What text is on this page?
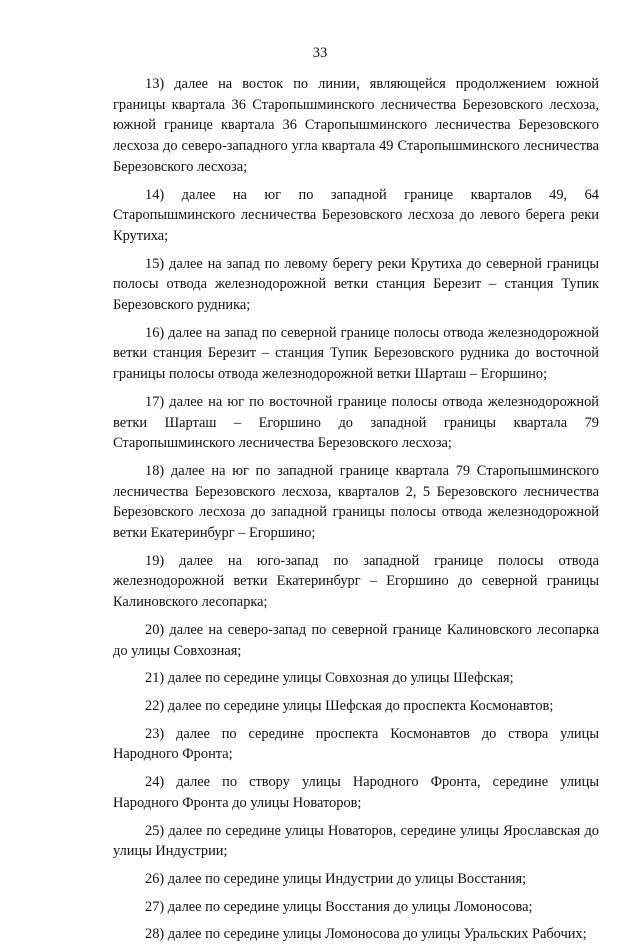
33

13) далее на восток по линии, являющейся продолжением южной границы квартала 36 Старопышминского лесничества Березовского лесхоза, южной границе квартала 36 Старопышминского лесничества Березовского лесхоза до северо-западного угла квартала 49 Старопышминского лесничества Березовского лесхоза;

14) далее на юг по западной границе кварталов 49, 64 Старопышминского лесничества Березовского лесхоза до левого берега реки Крутиха;

15) далее на запад по левому берегу реки Крутиха до северной границы полосы отвода железнодорожной ветки станция Березит – станция Тупик Березовского рудника;

16) далее на запад по северной границе полосы отвода железнодорожной ветки станция Березит – станция Тупик Березовского рудника до восточной границы полосы отвода железнодорожной ветки Шарташ – Егоршино;

17) далее на юг по восточной границе полосы отвода железнодорожной ветки Шарташ – Егоршино до западной границы квартала 79 Старопышминского лесничества Березовского лесхоза;

18) далее на юг по западной границе квартала 79 Старопышминского лесничества Березовского лесхоза, кварталов 2, 5 Березовского лесничества Березовского лесхоза до западной границы полосы отвода железнодорожной ветки Екатеринбург – Егоршино;

19) далее на юго-запад по западной границе полосы отвода железнодорожной ветки Екатеринбург – Егоршино до северной границы Калиновского лесопарка;

20) далее на северо-запад по северной границе Калиновского лесопарка до улицы Совхозная;

21) далее по середине улицы Совхозная до улицы Шефская;

22) далее по середине улицы Шефская до проспекта Космонавтов;

23) далее по середине проспекта Космонавтов до створа улицы Народного Фронта;

24) далее по створу улицы Народного Фронта, середине улицы Народного Фронта до улицы Новаторов;

25) далее по середине улицы Новаторов, середине улицы Ярославская до улицы Индустрии;

26) далее по середине улицы Индустрии до улицы Восстания;

27) далее по середине улицы Восстания до улицы Ломоносова;

28) далее по середине улицы Ломоносова до улицы Уральских Рабочих;
